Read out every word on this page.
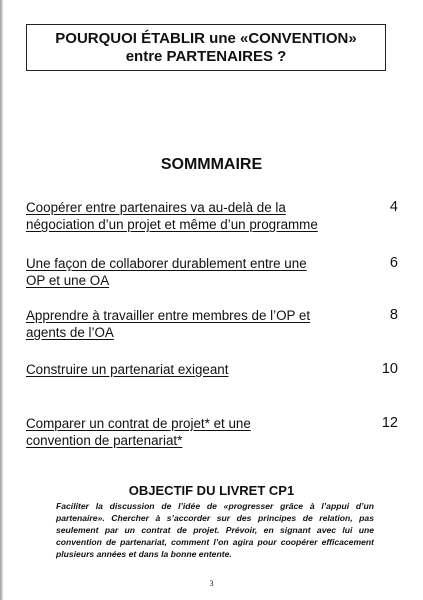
POURQUOI ÉTABLIR une «CONVENTION»
entre PARTENAIRES ?
SOMMMAIRE
Coopérer entre partenaires va au-delà de la
négociation d’un projet et même d’un programme
4
Une façon de collaborer durablement entre une
OP et une OA
6
Apprendre à travailler entre membres de l’OP et
agents de l’OA
8
Construire un partenariat exigeant	10
Comparer un contrat de projet* et une
convention de partenariat*
12
OBJECTIF DU LIVRET CP1
Faciliter la discussion de l’idée de «progresser grâce à l’appui d’un partenaire». Chercher à s’accorder sur des principes de relation, pas seulement par un contrat de projet. Prévoir, en signant avec lui une convention de partenariat, comment l’on agira pour coopérer efficacement plusieurs années et dans la bonne entente.
3
